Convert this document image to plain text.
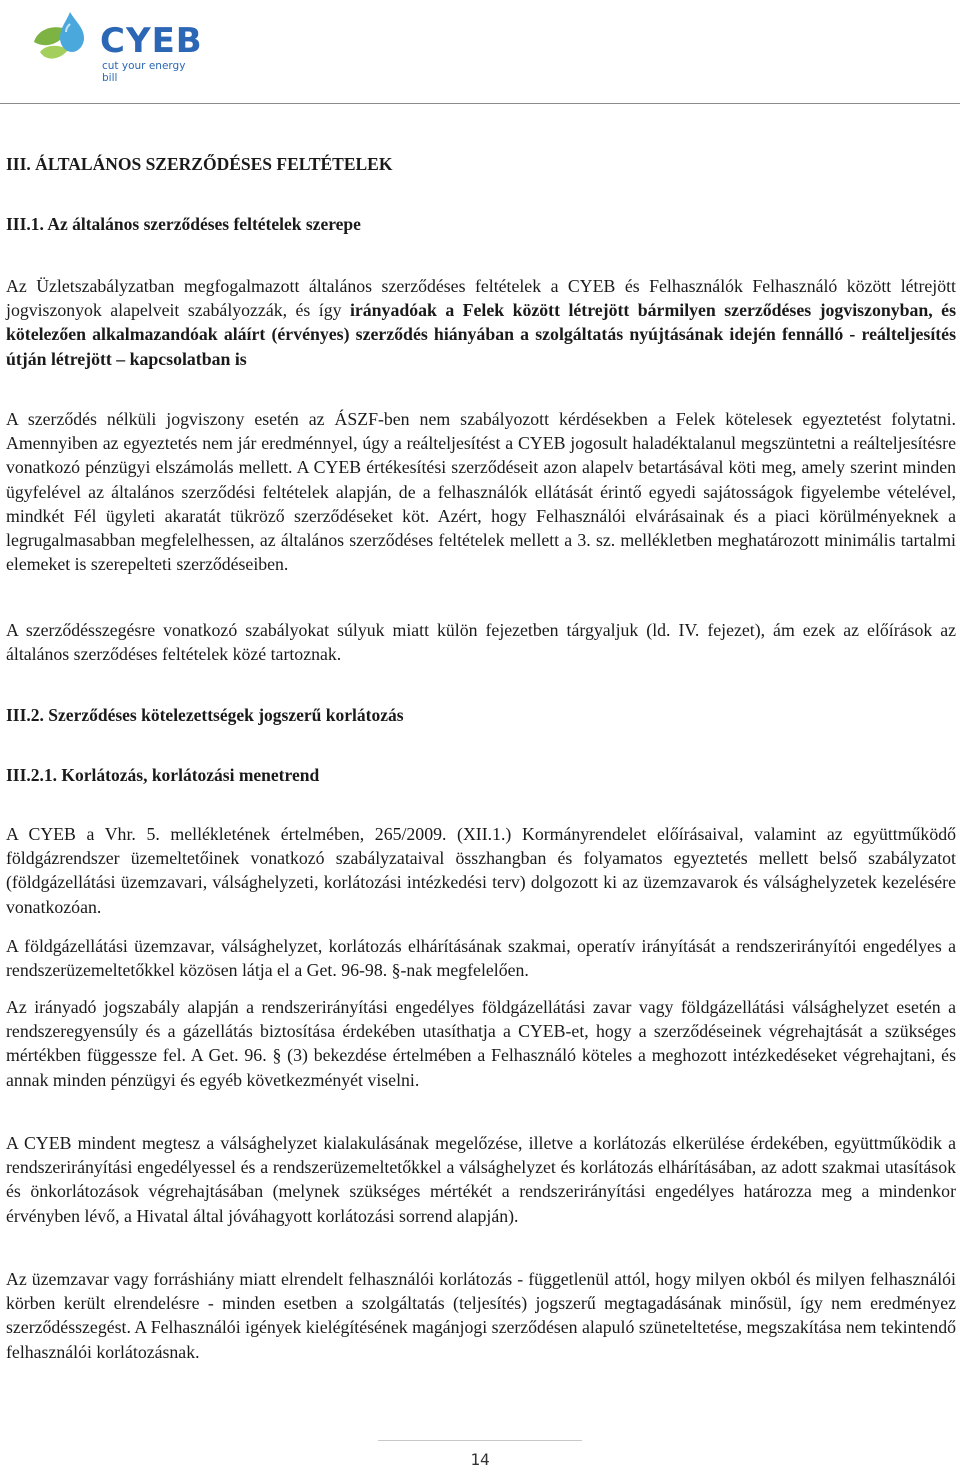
CYEB
cut your energy bill
III. ÁLTALÁNOS SZERZŐDÉSES FELTÉTELEK
III.1. Az általános szerződéses feltételek szerepe

Az Üzletszabályzatban megfogalmazott általános szerződéses feltételek a CYEB és Felhasználók Felhasználó között létrejött jogviszonyok alapelveit szabályozzák, és így irányadóak a Felek között létrejött bármilyen szerződéses jogviszonyban, és kötelezően alkalmazandóak aláírt (érvényes) szerződés hiányában a szolgáltatás nyújtásának idején fennálló - reálteljesítés útján létrejött – kapcsolatban is

A szerződés nélküli jogviszony esetén az ÁSZF-ben nem szabályozott kérdésekben a Felek kötelesek egyeztetést folytatni. Amennyiben az egyeztetés nem jár eredménnyel, úgy a reálteljesítést a CYEB jogosult haladéktalanul megszüntetni a reálteljesítésre vonatkozó pénzügyi elszámolás mellett. A CYEB értékesítési szerződéseit azon alapelv betartásával köti meg, amely szerint minden ügyfelével az általános szerződési feltételek alapján, de a felhasználók ellátását érintő egyedi sajátosságok figyelembe vételével, mindkét Fél ügyleti akaratát tükröző szerződéseket köt. Azért, hogy Felhasználói elvárásainak és a piaci körülményeknek a legrugalmasabban megfelelhessen, az általános szerződéses feltételek mellett a 3. sz. mellékletben meghatározott minimális tartalmi elemeket is szerepelteti szerződéseiben.

A szerződésszegésre vonatkozó szabályokat súlyuk miatt külön fejezetben tárgyaljuk (ld. IV. fejezet), ám ezek az előírások az általános szerződéses feltételek közé tartoznak.

III.2. Szerződéses kötelezettségek jogszerű korlátozás
III.2.1. Korlátozás, korlátozási menetrend

A CYEB a Vhr. 5. mellékletének értelmében, 265/2009. (XII.1.) Kormányrendelet előírásaival, valamint az együttműködő földgázrendszer üzemeltetőinek vonatkozó szabályzataival összhangban és folyamatos egyeztetés mellett belső szabályzatot (földgázellátási üzemzavari, válsághelyzeti, korlátozási intézkedési terv) dolgozott ki az üzemzavarok és válsághelyzetek kezelésére vonatkozóan.

A földgázellátási üzemzavar, válsághelyzet, korlátozás elhárításának szakmai, operatív irányítását a rendszerirányítói engedélyes a rendszerüzemeltetőkkel közösen látja el a Get. 96-98. §-nak megfelelően.

Az irányadó jogszabály alapján a rendszerirányítási engedélyes földgázellátási zavar vagy földgázellátási válsághelyzet esetén a rendszeregyensúly és a gázellátás biztosítása érdekében utasíthatja a CYEB-et, hogy a szerződéseinek végrehajtását a szükséges mértékben függessze fel. A Get. 96. § (3) bekezdése értelmében a Felhasználó köteles a meghozott intézkedéseket végrehajtani, és annak minden pénzügyi és egyéb következményét viselni.

A CYEB mindent megtesz a válsághelyzet kialakulásának megelőzése, illetve a korlátozás elkerülése érdekében, együttműködik a rendszerirányítási engedélyessel és a rendszerüzemeltetőkkel a válsághelyzet és korlátozás elhárításában, az adott szakmai utasítások és önkorlátozások végrehajtásában (melynek szükséges mértékét a rendszerirányítási engedélyes határozza meg a mindenkor érvényben lévő, a Hivatal által jóváhagyott korlátozási sorrend alapján).

Az üzemzavar vagy forráshiány miatt elrendelt felhasználói korlátozás - függetlenül attól, hogy milyen okból és milyen felhasználói körben került elrendelésre - minden esetben a szolgáltatás (teljesítés) jogszerű megtagadásának minősül, így nem eredményez szerződésszegést. A Felhasználói igények kielégítésének magánjogi szerződésen alapuló szüneteltetése, megszakítása nem tekintendő felhasználói korlátozásnak.

14
